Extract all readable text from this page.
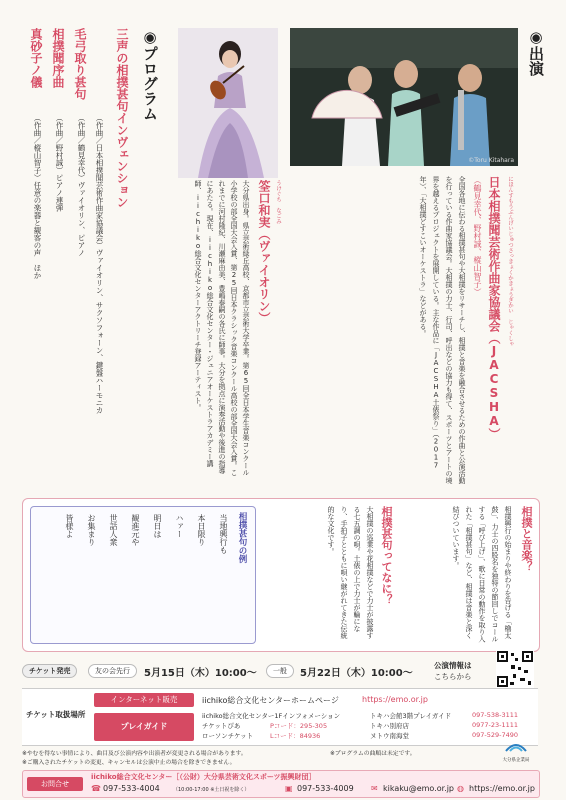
©Toru Kitahara
◉出演
にほんすもうぶんげいじゅつさっきょくかきょうぎかい　じゃくしゃ
日本相撲聞芸術作曲家協議会（JACSHA）
（鶴見幸代、野村誠、樅山智子）
全国各地に伝わる相撲甚句や大相撲をリサーチし、相撲と音楽を融合させるための作曲と公演活動を行っている作曲家協議会。大相撲の力士、行司、呼出などの協力も得て、スポーツとアートの境界を越えるプロジェクトを展開している。主な作品に「JACSHA土俵祭り」（2017年）、「大相撲どすこいオーケストラ」などがある。
うけぐち　なごみ
筌口和実（ヴァイオリン）
大分県出身。県立芸術緑丘高校、京都市立芸術大学卒業。第65回全日本学生音楽コンクール小学校の部全国大会入賞、第25回日本クラシック音楽コンクール高校の部全国大会入賞。これまでに河村隆紀、川瀬麻由美、豊嶋泰嗣の各氏に師事。大分を拠点に演奏活動や後進の指導にあたる。現在、iichiko総合文化センター・ジュニアオーケストラアカデミー講師、iichiko総合文化センターアクトリーチ登録アーティスト。
◉プログラム
三声の相撲甚句インヴェンション
（作曲／日本相撲聞芸術作曲家協議会）ヴァイオリン、サクソフォーン、鍵盤ハーモニカ
毛弓取り甚句
（作曲／鶴見幸代）ヴァイオリン、ピアノ
相撲聞序曲
（作曲／野村誠）ピアノ連弾
真砂子ノ儀
（作曲／樅山智子）任意の楽器と観客の声　ほか
相撲と音楽？
相撲興行の始まりや終わりを告げる「櫓太鼓」、力士の四股名を独特の節回しでコールする「呼び上げ」、歌に日常の動作を取り入れた「相撲甚句」など、相撲は音楽と深く結びついています。
相撲甚句ってなに？
大相撲の巡業や花相撲などで力士が披露する七五調の唄。土俵の上で力士が輪になり、手拍子とともに唄い継がれてきた伝統的な文化です。
相撲甚句の例
当地興行も
本日限り
ハァー
明日は
観進元や
世話人衆
お集まり
皆様よ
チケット発売	友の会先行	5月15日（木）10:00〜	一般	5月22日（木）10:00〜
公演情報は
こちらから
チケット取扱場所
インターネット販売	iichiko総合文化センターホームページ	https://emo.or.jp
プレイガイド
iichiko総合文化センター1Fインフォメーション
チケットぴあ	Pコード：295-305
ローソンチケット	Lコード：84936
トキハ会館3階プレイガイド	097-538-3111
トキハ別府店	0977-23-1111
ヌトウ南海堂	097-529-7490
※やむを得ない事情により、曲目及び公演内容や出演者が変更される場合があります。
※ご購入されたチケットの変更、キャンセルは公演中止の場合を除きできません。
※プログラムの曲順は未定です。
大分県企業局
お問合せ
iichiko総合文化センター［（公財）大分県芸術文化スポーツ振興財団］
☎ 097-533-4004	（10:00-17:00 ※土日祝を除く）	▣ 097-533-4009 ✉ kikaku@emo.or.jp ◍ https://emo.or.jp
